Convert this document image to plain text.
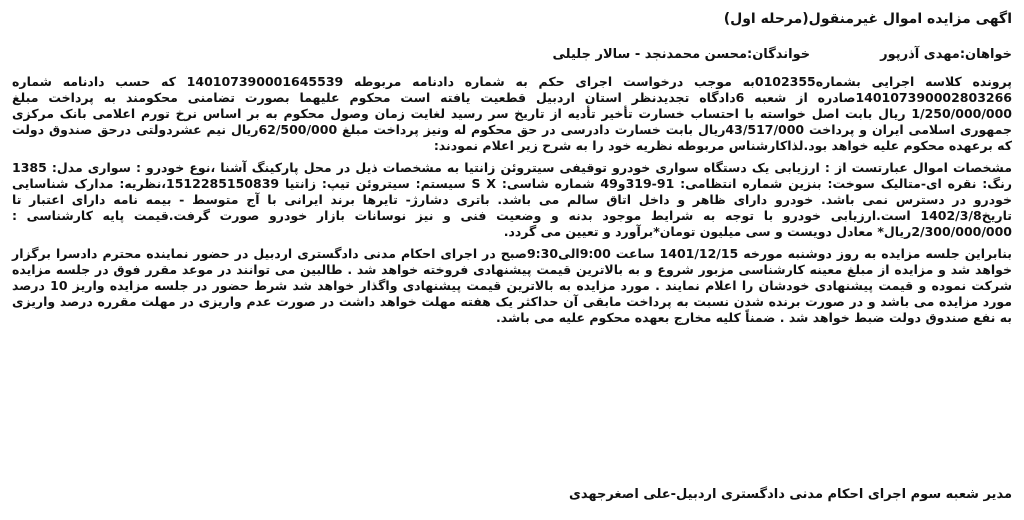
اگهی مزایده اموال غیرمنقول(مرحله اول)
خواهان:مهدی آذرپور
خواندگان:محسن محمدنجد - سالار جلیلی

پرونده کلاسه اجرایی بشماره0102355به موجب درخواست اجرای حکم به شماره دادنامه مربوطه 140107390001645539 که حسب دادنامه شماره 140107390002803266صادره از شعبه 6دادگاه تجدیدنظر استان اردبیل قطعیت یافته است محکوم علیهما بصورت تضامنی محکومند به پرداخت مبلغ 1/250/000/000 ریال بابت اصل خواسته با احتساب خسارت تأخیر تأدیه از تاریخ سر رسید لغایت زمان وصول محکوم به بر اساس نرخ تورم اعلامی بانک مرکزی جمهوری اسلامی ایران و پرداخت 43/517/000ریال بابت خسارت دادرسی در حق محکوم له ونیز پرداخت مبلغ 62/500/000ریال نیم عشردولتی درحق صندوق دولت که برعهده محکوم علیه خواهد بود.لذاکارشناس مربوطه نظریه خود را به شرح زیر اعلام نمودند:

مشخصات اموال عبارتست از : ارزیابی یک دستگاه سواری خودرو توقیفی سیتروئن زانتیا به مشخصات ذیل در محل پارکینگ آشنا ،نوع خودرو : سواری مدل: 1385 رنگ: نقره ای-متالیک سوخت: بنزین شماره انتظامی: 91-319و49 شماره شاسی: S X سیستم: سیتروئن تیپ: زانتیا 1512285150839،نظریه: مدارک شناسایی خودرو در دسترس نمی باشد. خودرو دارای ظاهر و داخل اتاق سالم می باشد. باتری دشارژ- تایرها برند ایرانی با آج متوسط - بیمه نامه دارای اعتبار تا تاریخ1402/3/8 است.ارزیابی خودرو با توجه به شرایط موجود بدنه و وضعیت فنی و نیز نوسانات بازار خودرو صورت گرفت.قیمت پایه کارشناسی : 2/300/000/000ریال* معادل دویست و سی میلیون تومان*برآورد و تعیین می گردد.

بنابراین جلسه مزایده به روز دوشنبه مورخه 1401/12/15 ساعت 9:00الی9:30صبح در اجرای احکام مدنی دادگستری اردبیل در حضور نماینده محترم دادسرا برگزار خواهد شد و مزایده از مبلغ معینه کارشناسی مزبور شروع و به بالاترین قیمت پیشنهادی فروخته خواهد شد . طالبین می توانند در موعد مقرر فوق در جلسه مزایده شرکت نموده و قیمت پیشنهادی خودشان را اعلام نمایند . مورد مزایده به بالاترین قیمت پیشنهادی واگذار خواهد شد شرط حضور در جلسه مزایده واریز 10 درصد مورد مزایده می باشد و در صورت برنده شدن نسبت به پرداخت مابقی آن حداکثر یک هفته مهلت خواهد داشت در صورت عدم واریزی در مهلت مقرره درصد واریزی به نفع صندوق دولت ضبط خواهد شد . ضمناً کلیه مخارج بعهده محکوم علیه می باشد.

مدیر شعبه سوم اجرای احکام مدنی دادگستری اردبیل-علی اصغرجهدی
